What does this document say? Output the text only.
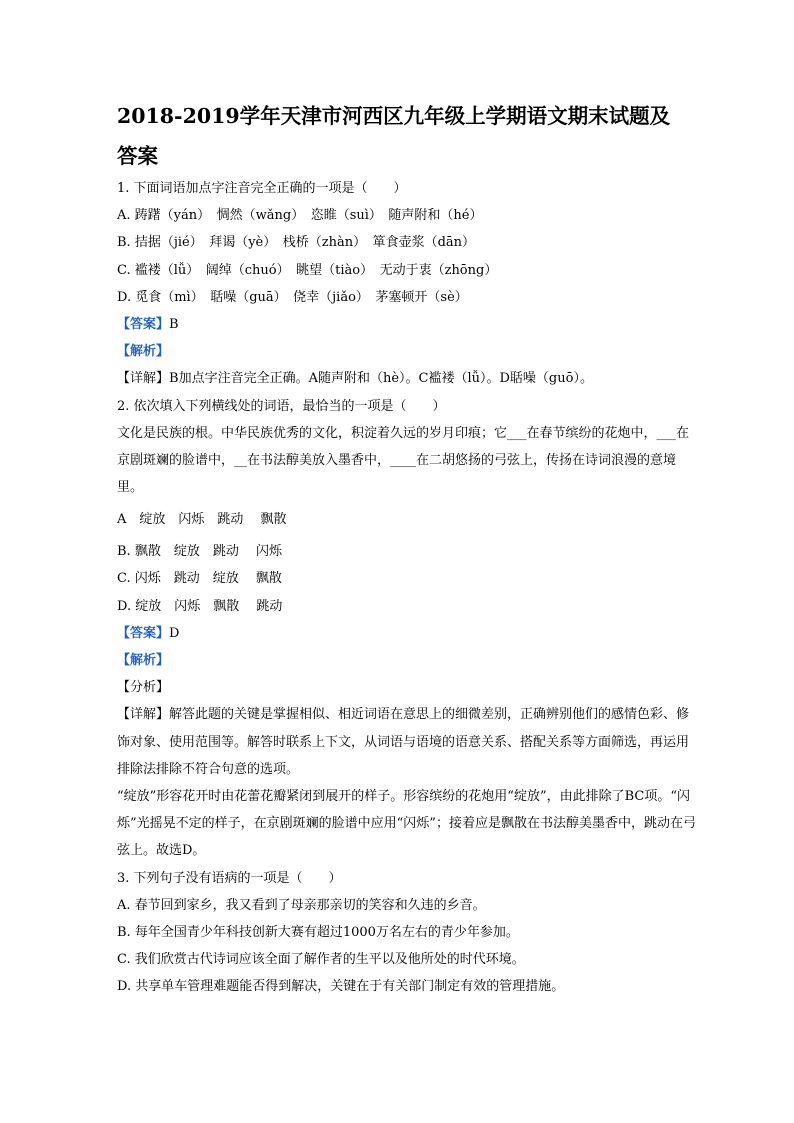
2018-2019学年天津市河西区九年级上学期语文期末试题及
答案
1. 下面词语加点字注音完全正确的一项是（　　）
A. 踌躇（yán）　惆然（wǎng）　恣睢（suì）　随声附和（hé）
B. 拮据（jié）　拜谒（yè）　栈桥（zhàn）　箪食壶浆（dān）
C. 褴褛（lǚ）　阔绰（chuó）　眺望（tiào）　无动于衷（zhōng）
D. 觅食（mì）　聒噪（guā）　侥幸（jiǎo）　茅塞顿开（sè）
【答案】B
【解析】
【详解】B加点字注音完全正确。A随声附和（hè）。C褴褛（lǚ）。D聒噪（guō）。
2. 依次填入下列横线处的词语，最恰当的一项是（　　）
文化是民族的根。中华民族优秀的文化，积淀着久远的岁月印痕；它___在春节缤纷的花炮中，___在京剧斑斓的脸谱中，__在书法醇美放入墨香中，____在二胡悠扬的弓弦上，传扬在诗词浪漫的意境里。
A　绽放　闪烁　跳动　 飘散
B. 飘散　绽放　跳动　 闪烁
C. 闪烁　跳动　绽放　 飘散
D. 绽放　闪烁　飘散　 跳动
【答案】D
【解析】
【分析】
【详解】解答此题的关键是掌握相似、相近词语在意思上的细微差别，正确辨别他们的感情色彩、修饰对象、使用范围等。解答时联系上下文，从词语与语境的语意关系、搭配关系等方面筛选，再运用排除法排除不符合句意的选项。
“绽放”形容花开时由花蕾花瓣紧闭到展开的样子。形容缤纷的花炮用“绽放”，由此排除了BC项。“闪烁”光摇晃不定的样子，在京剧斑斓的脸谱中应用“闪烁”；接着应是飘散在书法醇美墨香中，跳动在弓弦上。故选D。
3. 下列句子没有语病的一项是（　　）
A. 春节回到家乡，我又看到了母亲那亲切的笑容和久违的乡音。
B. 每年全国青少年科技创新大赛有超过1000万名左右的青少年参加。
C. 我们欣赏古代诗词应该全面了解作者的生平以及他所处的时代环境。
D. 共享单车管理难题能否得到解决，关键在于有关部门制定有效的管理措施。
